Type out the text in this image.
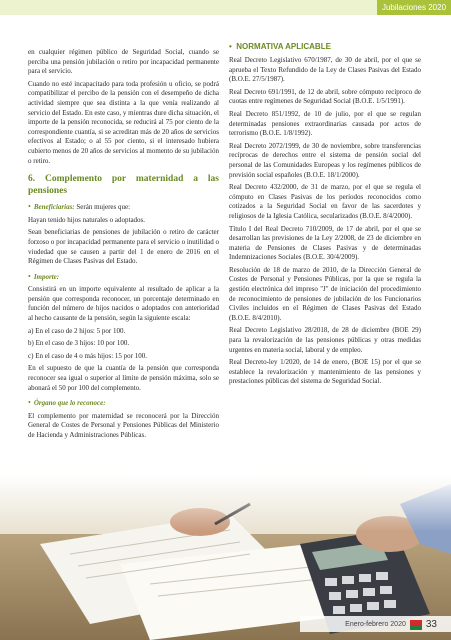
Jubilaciones 2020

en cualquier régimen público de Seguridad Social, cuando se perciba una pensión jubilación o retiro por incapacidad permanente para el servicio.

Cuando no esté incapacitado para toda profesión u oficio, se podrá compatibilizar el percibo de la pensión con el desempeño de dicha actividad siempre que sea distinta a la que venía realizando al servicio del Estado. En este caso, y mientras dure dicha situación, el importe de la pensión reconocida, se reducirá al 75 por ciento de la correspondiente cuantía, si se acreditan más de 20 años de servicios efectivos al Estado; o al 55 por ciento, si el interesado hubiera cubierto menos de 20 años de servicios al momento de su jubilación o retiro.

6. Complemento por maternidad a las pensiones

• Beneficiarias: Serán mujeres que:

Hayan tenido hijos naturales o adoptados.

Sean beneficiarias de pensiones de jubilación o retiro de carácter forzoso o por incapacidad permanente para el servicio o inutilidad o viudedad que se causen a partir del 1 de enero de 2016 en el Régimen de Clases Pasivas del Estado.

• Importe:

Consistirá en un importe equivalente al resultado de aplicar a la pensión que corresponda reconocer, un porcentaje determinado en función del número de hijos nacidos o adoptados con anterioridad al hecho causante de la pensión, según la siguiente escala:

a) En el caso de 2 hijos: 5 por 100.

b) En el caso de 3 hijos: 10 por 100.

c) En el caso de 4 o más hijos: 15 por 100.

En el supuesto de que la cuantía de la pensión que corresponda reconocer sea igual o superior al límite de pensión máxima, solo se abonará el 50 por 100 del complemento.

• Órgano que lo reconoce:

El complemento por maternidad se reconocerá por la Dirección General de Costes de Personal y Pensiones Públicas del Ministerio de Hacienda y Administraciones Públicas.

• NORMATIVA APLICABLE

Real Decreto Legislativo 670/1987, de 30 de abril, por el que se aprueba el Texto Refundido de la Ley de Clases Pasivas del Estado (B.O.E. 27/5/1987).

Real Decreto 691/1991, de 12 de abril, sobre cómputo recíproco de cuotas entre regímenes de Seguridad Social (B.O.E. 1/5/1991).

Real Decreto 851/1992, de 10 de julio, por el que se regulan determinadas pensiones extraordinarias causada por actos de terrorismo (B.O.E. 1/8/1992).

Real Decreto 2072/1999, de 30 de noviembre, sobre transferencias recíprocas de derechos entre el sistema de pensión social del personal de las Comunidades Europeas y los regímenes públicos de previsión social españoles (B.O.E. 18/1/2000).

Real Decreto 432/2000, de 31 de marzo, por el que se regula el cómputo en Clases Pasivas de los períodos reconocidos como cotizados a la Seguridad Social en favor de las sacerdotes y religiosos de la Iglesia Católica, secularizados (B.O.E. 8/4/2000).

Título I del Real Decreto 710/2009, de 17 de abril, por el que se desarrollan las previsiones de la Ley 2/2008, de 23 de diciembre en materia de Pensiones de Clases Pasivas y de determinadas Indemnizaciones Sociales (B.O.E. 30/4/2009).

Resolución de 18 de marzo de 2010, de la Dirección General de Costes de Personal y Pensiones Públicas, por la que se regula la gestión electrónica del impreso "J" de iniciación del procedimiento de reconocimiento de pensiones de jubilación de los Funcionarios Civiles incluidos en el Régimen de Clases Pasivas del Estado (B.O.E. 8/4/2010).

Real Decreto Legislativo 28/2018, de 28 de diciembre (BOE 29) para la revalorización de las pensiones públicas y otras medidas urgentes en materia social, laboral y de empleo.

Real Decreto-ley 1/2020, de 14 de enero, (BOE 15) por el que se establece la revalorización y mantenimiento de las pensiones y prestaciones públicas del sistema de Seguridad Social.

Enero-febrero 2020 33
